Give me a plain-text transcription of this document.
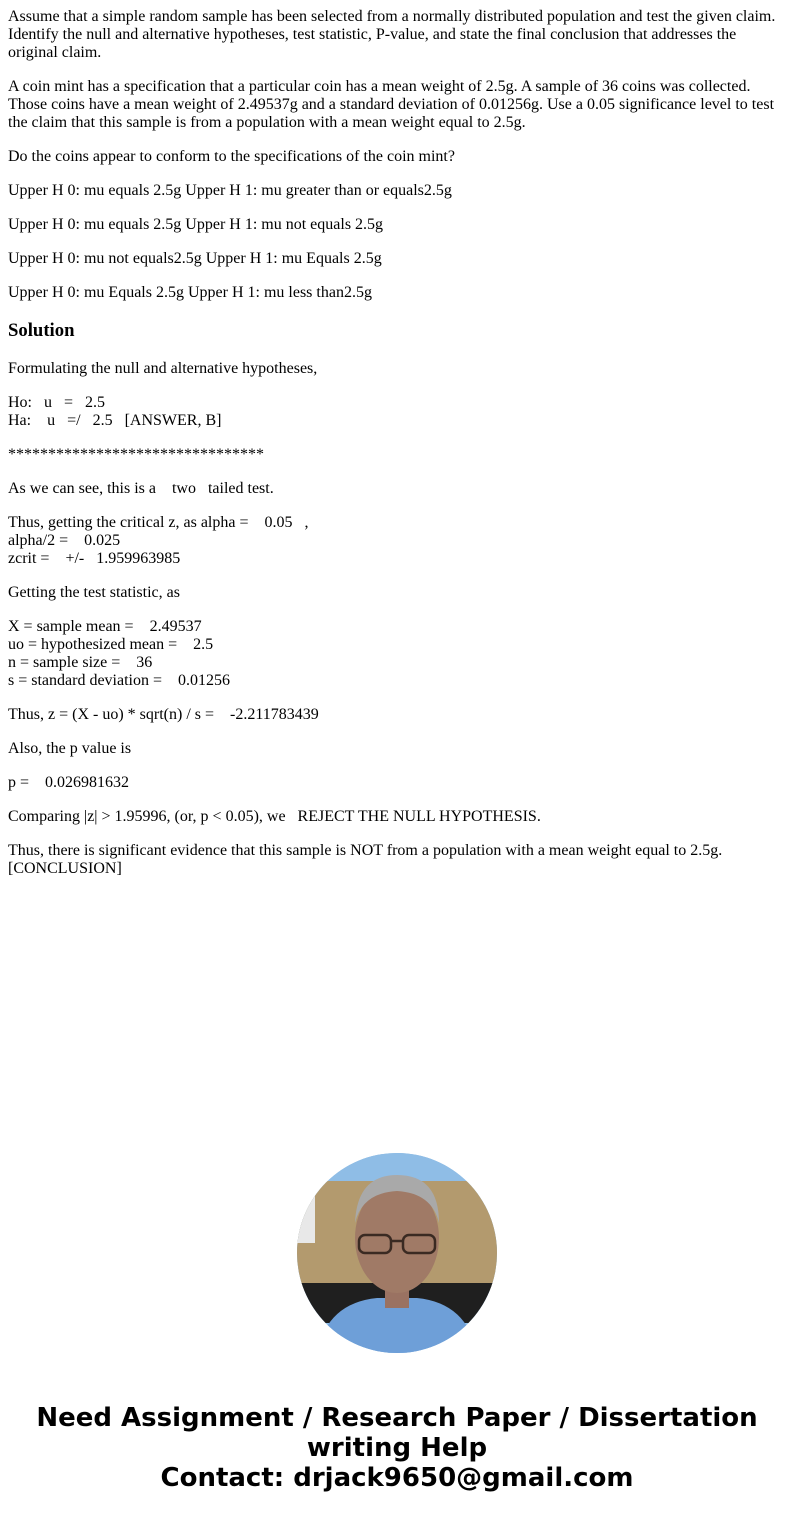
Assume that a simple random sample has been selected from a normally distributed population and test the given claim. Identify the null and alternative hypotheses, test statistic, P-value, and state the final conclusion that addresses the original claim.

A coin mint has a specification that a particular coin has a mean weight of 2.5g. A sample of 36 coins was collected. Those coins have a mean weight of 2.49537g and a standard deviation of 0.01256g. Use a 0.05 significance level to test the claim that this sample is from a population with a mean weight equal to 2.5g.

Do the coins appear to conform to the specifications of the coin mint?

Upper H 0: mu equals 2.5g Upper H 1: mu greater than or equals2.5g

Upper H 0: mu equals 2.5g Upper H 1: mu not equals 2.5g

Upper H 0: mu not equals2.5g Upper H 1: mu Equals 2.5g

Upper H 0: mu Equals 2.5g Upper H 1: mu less than2.5g

Solution

Formulating the null and alternative hypotheses,

Ho:   u   =   2.5
Ha:    u   =/   2.5   [ANSWER, B]

********************************

As we can see, this is a    two   tailed test.

Thus, getting the critical z, as alpha =    0.05   ,
alpha/2 =    0.025
zcrit =    +/-   1.959963985

Getting the test statistic, as

X = sample mean =    2.49537
uo = hypothesized mean =    2.5
n = sample size =    36
s = standard deviation =    0.01256

Thus, z = (X - uo) * sqrt(n) / s =    -2.211783439

Also, the p value is

p =    0.026981632

Comparing |z| > 1.95996, (or, p < 0.05), we   REJECT THE NULL HYPOTHESIS.

Thus, there is significant evidence that this sample is NOT from a population with a mean weight equal to 2.5g. [CONCLUSION]

Need Assignment / Research Paper / Dissertation writing Help
Contact: drjack9650@gmail.com
